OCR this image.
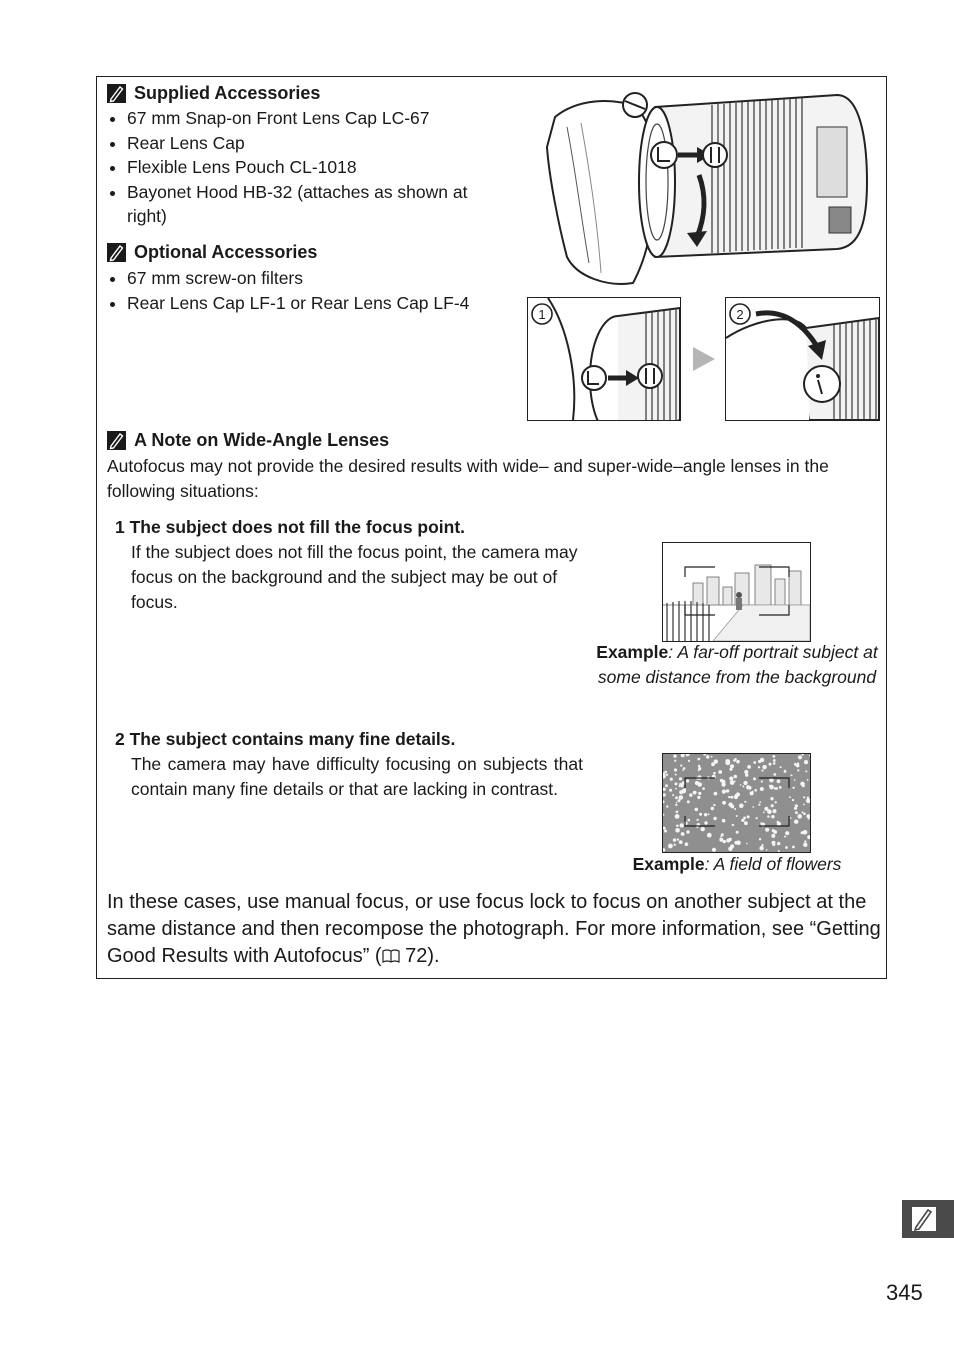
Supplied Accessories
67 mm Snap-on Front Lens Cap LC-67
Rear Lens Cap
Flexible Lens Pouch CL-1018
Bayonet Hood HB-32 (attaches as shown at right)
Optional Accessories
67 mm screw-on filters
Rear Lens Cap LF-1 or Rear Lens Cap LF-4
1	2
A Note on Wide-Angle Lenses
Autofocus may not provide the desired results with wide– and super-wide–angle lenses in the following situations:
1 The subject does not fill the focus point.
If the subject does not fill the focus point, the camera may focus on the background and the subject may be out of focus.
Example: A far-off portrait subject at some distance from the background
2 The subject contains many fine details.
The camera may have difficulty focusing on subjects that contain many fine details or that are lacking in contrast.
Example: A field of flowers
In these cases, use manual focus, or use focus lock to focus on another subject at the same distance and then recompose the photograph. For more information, see “Getting Good Results with Autofocus” ( 72).
345
